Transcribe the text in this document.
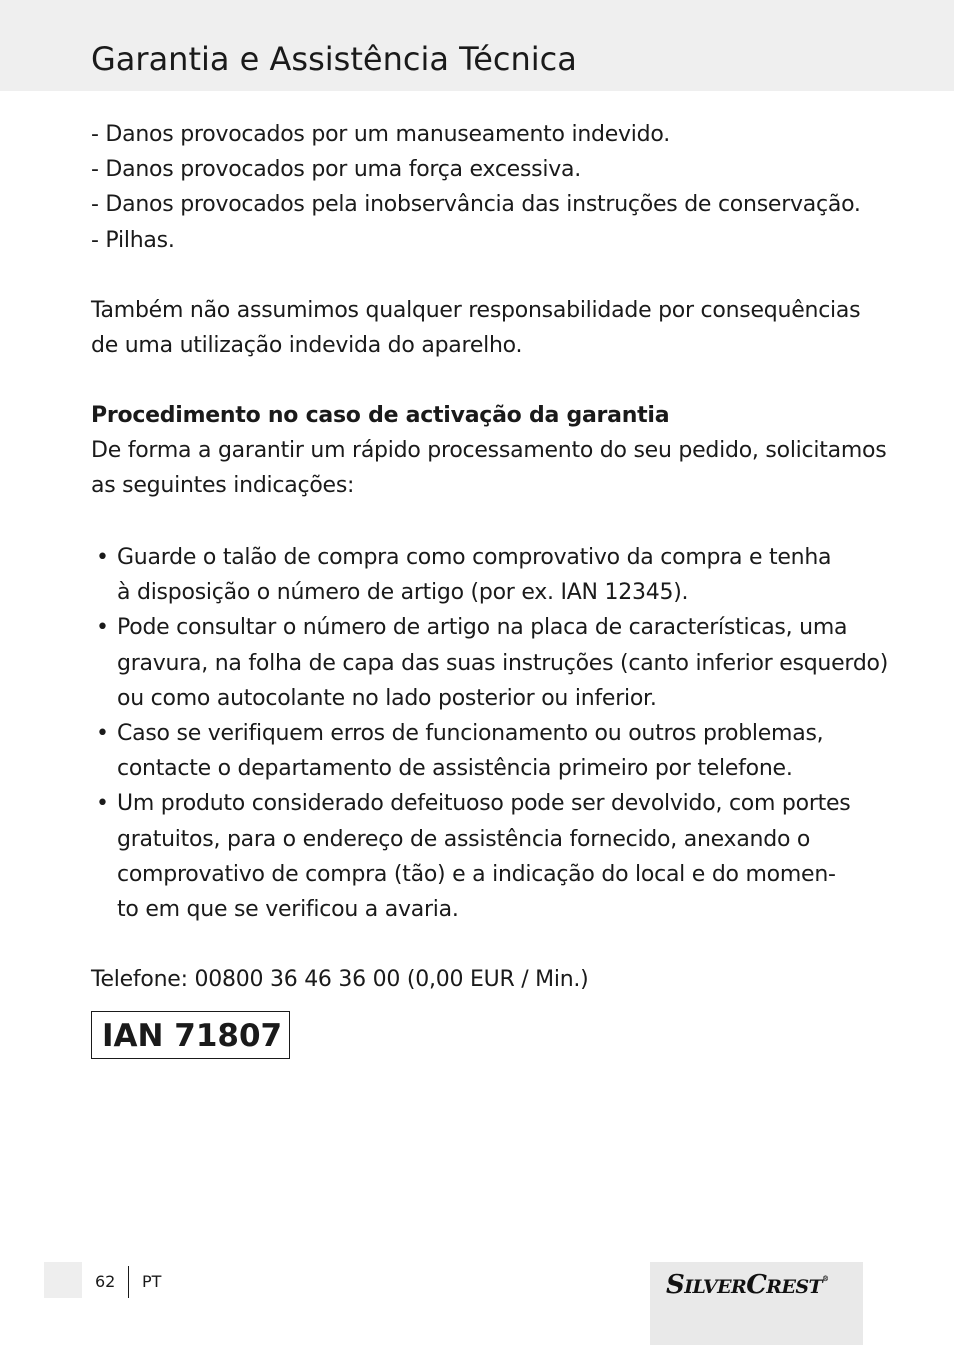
Garantia e Assistência Técnica
- Danos provocados por um manuseamento indevido.
- Danos provocados por uma força excessiva.
- Danos provocados pela inobservância das instruções de conservação.
- Pilhas.
Também não assumimos qualquer responsabilidade por consequências
de uma utilização indevida do aparelho.
Procedimento no caso de activação da garantia
De forma a garantir um rápido processamento do seu pedido, solicitamos
as seguintes indicações:
• Guarde o talão de compra como comprovativo da compra e tenha
à disposição o número de artigo (por ex. IAN 12345).
• Pode consultar o número de artigo na placa de características, uma
gravura, na folha de capa das suas instruções (canto inferior esquerdo)
ou como autocolante no lado posterior ou inferior.
• Caso se verifiquem erros de funcionamento ou outros problemas,
contacte o departamento de assistência primeiro por telefone.
• Um produto considerado defeituoso pode ser devolvido, com portes
gratuitos, para o endereço de assistência fornecido, anexando o
comprovativo de compra (tão) e a indicação do local e do momen-
to em que se verificou a avaria.
Telefone: 00800 36 46 36 00 (0,00 EUR / Min.)
IAN 71807
62 PT	SILVERCREST®
